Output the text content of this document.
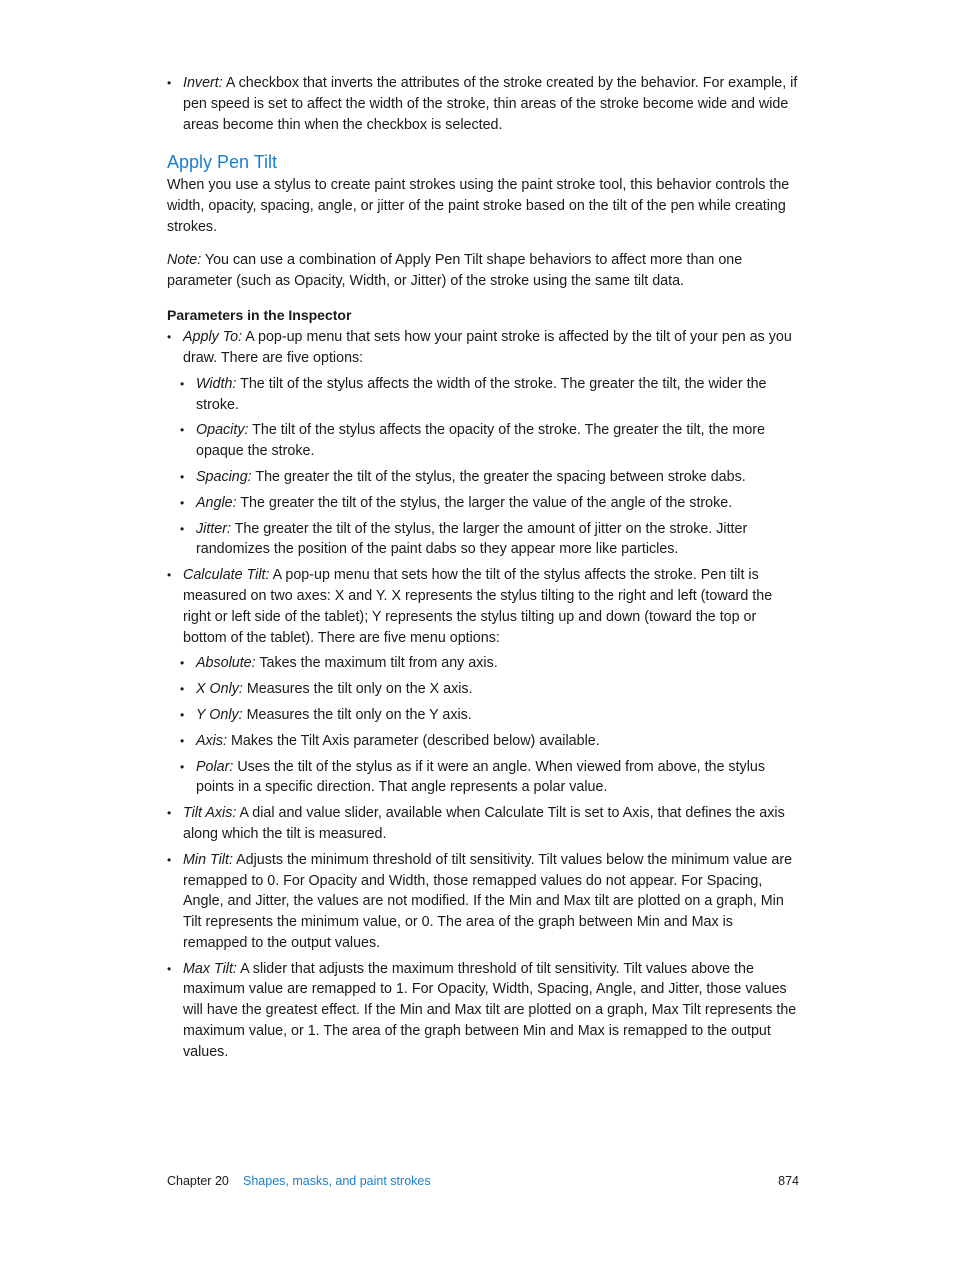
• Invert: A checkbox that inverts the attributes of the stroke created by the behavior. For example, if pen speed is set to affect the width of the stroke, thin areas of the stroke become wide and wide areas become thin when the checkbox is selected.
Apply Pen Tilt
When you use a stylus to create paint strokes using the paint stroke tool, this behavior controls the width, opacity, spacing, angle, or jitter of the paint stroke based on the tilt of the pen while creating strokes.
Note: You can use a combination of Apply Pen Tilt shape behaviors to affect more than one parameter (such as Opacity, Width, or Jitter) of the stroke using the same tilt data.
Parameters in the Inspector
• Apply To: A pop-up menu that sets how your paint stroke is affected by the tilt of your pen as you draw. There are five options:
• Width: The tilt of the stylus affects the width of the stroke. The greater the tilt, the wider the stroke.
• Opacity: The tilt of the stylus affects the opacity of the stroke. The greater the tilt, the more opaque the stroke.
• Spacing: The greater the tilt of the stylus, the greater the spacing between stroke dabs.
• Angle: The greater the tilt of the stylus, the larger the value of the angle of the stroke.
• Jitter: The greater the tilt of the stylus, the larger the amount of jitter on the stroke. Jitter randomizes the position of the paint dabs so they appear more like particles.
• Calculate Tilt: A pop-up menu that sets how the tilt of the stylus affects the stroke. Pen tilt is measured on two axes: X and Y. X represents the stylus tilting to the right and left (toward the right or left side of the tablet); Y represents the stylus tilting up and down (toward the top or bottom of the tablet). There are five menu options:
• Absolute: Takes the maximum tilt from any axis.
• X Only: Measures the tilt only on the X axis.
• Y Only: Measures the tilt only on the Y axis.
• Axis: Makes the Tilt Axis parameter (described below) available.
• Polar: Uses the tilt of the stylus as if it were an angle. When viewed from above, the stylus points in a specific direction. That angle represents a polar value.
• Tilt Axis: A dial and value slider, available when Calculate Tilt is set to Axis, that defines the axis along which the tilt is measured.
• Min Tilt: Adjusts the minimum threshold of tilt sensitivity. Tilt values below the minimum value are remapped to 0. For Opacity and Width, those remapped values do not appear. For Spacing, Angle, and Jitter, the values are not modified. If the Min and Max tilt are plotted on a graph, Min Tilt represents the minimum value, or 0. The area of the graph between Min and Max is remapped to the output values.
• Max Tilt: A slider that adjusts the maximum threshold of tilt sensitivity. Tilt values above the maximum value are remapped to 1. For Opacity, Width, Spacing, Angle, and Jitter, those values will have the greatest effect. If the Min and Max tilt are plotted on a graph, Max Tilt represents the maximum value, or 1. The area of the graph between Min and Max is remapped to the output values.
Chapter 20 Shapes, masks, and paint strokes	874
